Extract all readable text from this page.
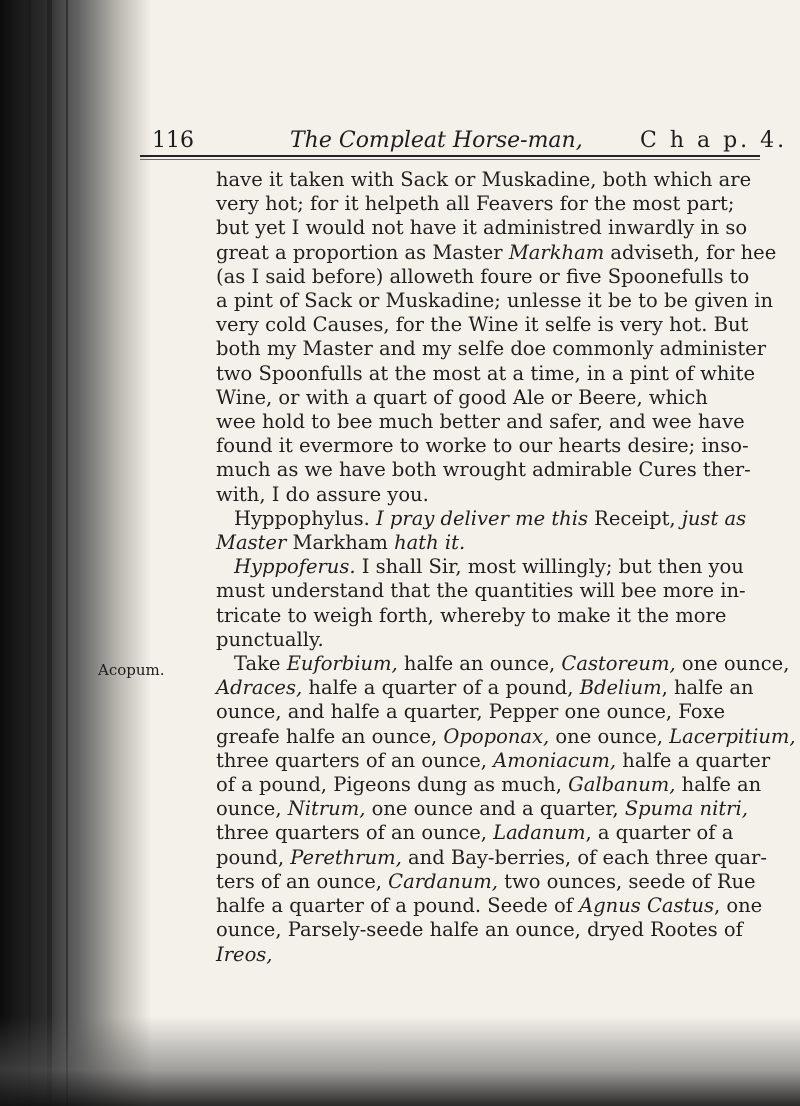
116	The Compleat Horse-man,	C h a p. 4.
Acopum.
have it taken with Sack or Muskadine, both which are
very hot; for it helpeth all Feavers for the most part;
but yet I would not have it administred inwardly in so
great a proportion as Master Markham adviseth, for hee
(as I said before) alloweth foure or five Spoonefulls to
a pint of Sack or Muskadine; unlesse it be to be given in
very cold Causes, for the Wine it selfe is very hot. But
both my Master and my selfe doe commonly administer
two Spoonfulls at the most at a time, in a pint of white
Wine, or with a quart of good Ale or Beere, which
wee hold to bee much better and safer, and wee have
found it evermore to worke to our hearts desire; inso-
much as we have both wrought admirable Cures ther-
with, I do assure you.
Hyppophylus. I pray deliver me this Receipt, just as
Master Markham hath it.
Hyppoferus. I shall Sir, most willingly; but then you
must understand that the quantities will bee more in-
tricate to weigh forth, whereby to make it the more
punctually.
Take Euforbium, halfe an ounce, Castoreum, one ounce,
Adraces, halfe a quarter of a pound, Bdelium, halfe an
ounce, and halfe a quarter, Pepper one ounce, Foxe
greafe halfe an ounce, Opoponax, one ounce, Lacerpitium,
three quarters of an ounce, Amoniacum, halfe a quarter
of a pound, Pigeons dung as much, Galbanum, halfe an
ounce, Nitrum, one ounce and a quarter, Spuma nitri,
three quarters of an ounce, Ladanum, a quarter of a
pound, Perethrum, and Bay-berries, of each three quar-
ters of an ounce, Cardanum, two ounces, seede of Rue
halfe a quarter of a pound. Seede of Agnus Castus, one
ounce, Parsely-seede halfe an ounce, dryed Rootes of
Ireos,
